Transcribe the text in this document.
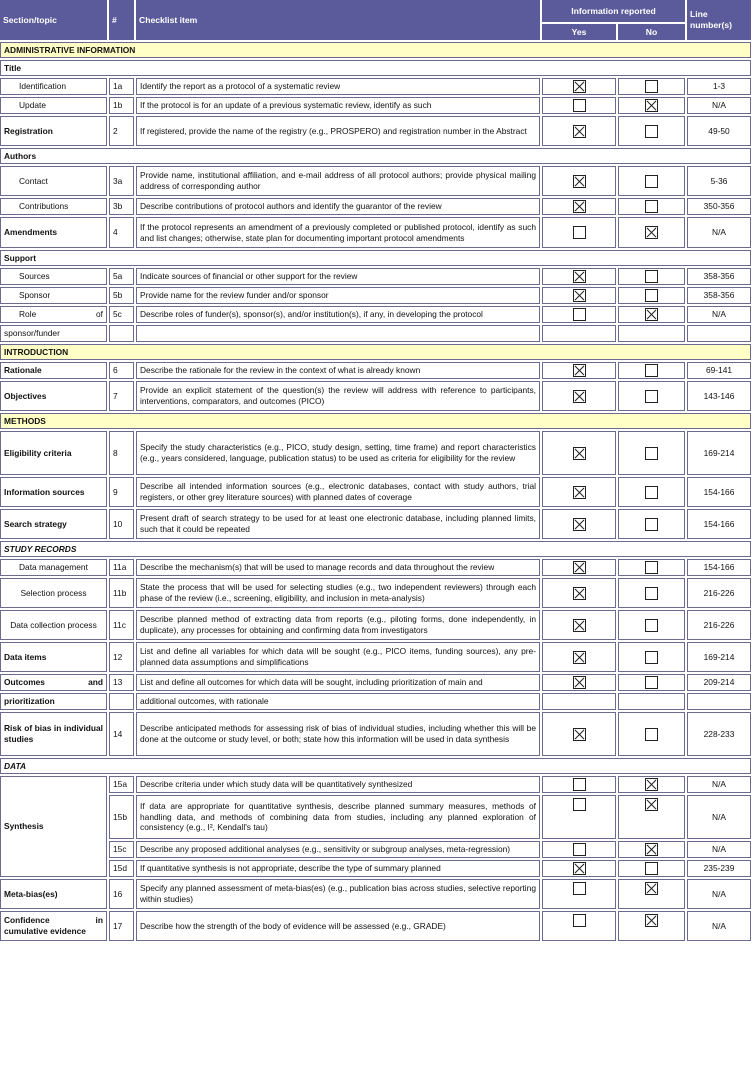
Section/topic	#	Checklist item	Information reported		Line
number(s)
			Yes	No	
ADMINISTRATIVE INFORMATION					
Title					
Identification	1a	Identify the report as a protocol of a systematic review			1-3
Update	1b	If the protocol is for an update of a previous systematic review, identify as such			N/A
Registration	2	If registered, provide the name of the registry (e.g., PROSPERO) and registration number in the Abstract			49-50
Authors					
Contact	3a	Provide name, institutional affiliation, and e-mail address of all protocol authors; provide physical mailing address of corresponding author			5-36
Contributions	3b	Describe contributions of protocol authors and identify the guarantor of the review			350-356
Amendments	4	If the protocol represents an amendment of a previously completed or published protocol, identify as such and list changes; otherwise, state plan for documenting important protocol amendments			N/A
Support					
Sources	5a	Indicate sources of financial or other support for the review			358-356
Sponsor	5b	Provide name for the review funder and/or sponsor			358-356

Role of	5c	Describe roles of funder(s), sponsor(s), and/or institution(s), if any, in developing the protocol			N/A
sponsor/funder					
INTRODUCTION					
Rationale	6	Describe the rationale for the review in the context of what is already known			69-141
Objectives	7	Provide an explicit statement of the question(s) the review will address with reference to participants, interventions, comparators, and outcomes (PICO)			143-146
METHODS					
Eligibility criteria	8	Specify the study characteristics (e.g., PICO, study design, setting, time frame) and report characteristics (e.g., years considered, language, publication status) to be used as criteria for eligibility for the review			169-214
Information sources	9	Describe all intended information sources (e.g., electronic databases, contact with study authors, trial registers, or other grey literature sources) with planned dates of coverage			154-166
Search strategy	10	Present draft of search strategy to be used for at least one electronic database, including planned limits, such that it could be repeated			154-166
STUDY RECORDS					
Data management	11a	Describe the mechanism(s) that will be used to manage records and data throughout the review			154-166
Selection process	11b	State the process that will be used for selecting studies (e.g., two independent reviewers) through each phase of the review (i.e., screening, eligibility, and inclusion in meta-analysis)			216-226
Data collection process	11c	Describe planned method of extracting data from reports (e.g., piloting forms, done independently, in duplicate), any processes for obtaining and confirming data from investigators			216-226
Data items	12	List and define all variables for which data will be sought (e.g., PICO items, funding sources), any pre-planned data assumptions and simplifications			169-214

Outcomes and	13	List and define all outcomes for which data will be sought, including prioritization of main and			209-214
prioritization		additional outcomes, with rationale			
Risk of bias in individual studies	14	Describe anticipated methods for assessing risk of bias of individual studies, including whether this will be done at the outcome or study level, or both; state how this information will be used in data synthesis			228-233
DATA					
Synthesis	15a	Describe criteria under which study data will be quantitatively synthesized			N/A
	15b	If data are appropriate for quantitative synthesis, describe planned summary measures, methods of handling data, and methods of combining data from studies, including any planned exploration of consistency (e.g., I², Kendall's tau)			N/A
	15c	Describe any proposed additional analyses (e.g., sensitivity or subgroup analyses, meta-regression)			N/A
	15d	If quantitative synthesis is not appropriate, describe the type of summary planned			235-239
Meta-bias(es)	16	Specify any planned assessment of meta-bias(es) (e.g., publication bias across studies, selective reporting within studies)			N/A
Confidence in cumulative evidence	17	Describe how the strength of the body of evidence will be assessed (e.g., GRADE)			N/A
